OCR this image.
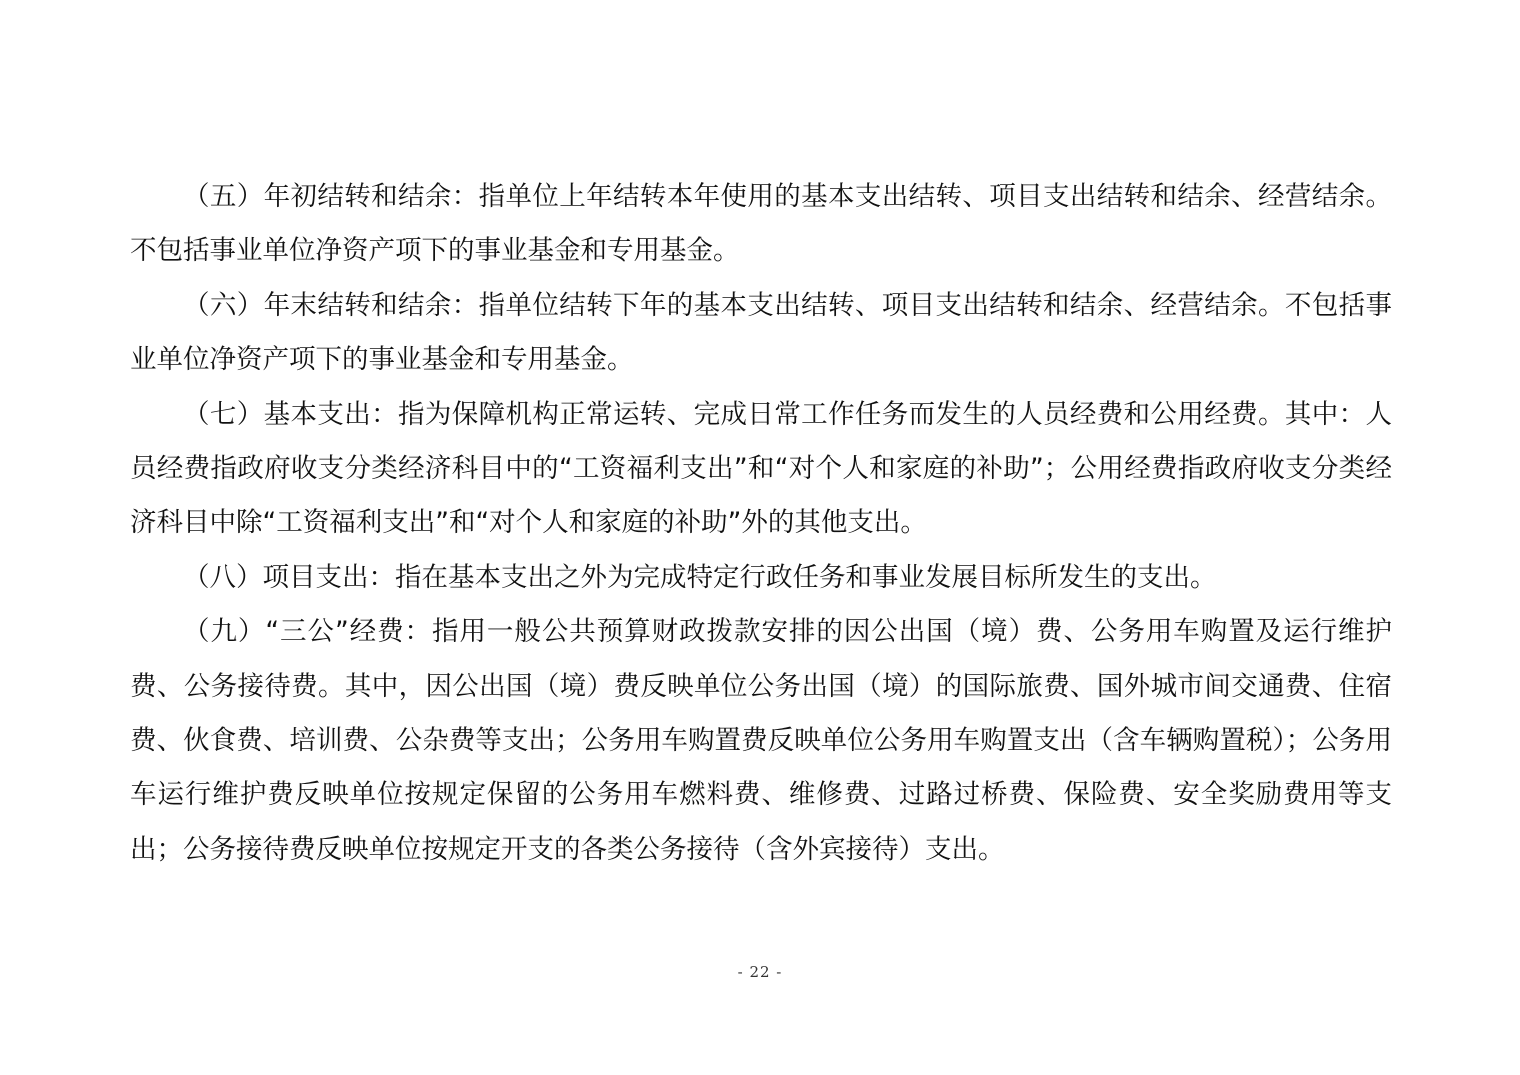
（五）年初结转和结余：指单位上年结转本年使用的基本支出结转、项目支出结转和结余、经营结余。不包括事业单位净资产项下的事业基金和专用基金。

（六）年末结转和结余：指单位结转下年的基本支出结转、项目支出结转和结余、经营结余。不包括事业单位净资产项下的事业基金和专用基金。

（七）基本支出：指为保障机构正常运转、完成日常工作任务而发生的人员经费和公用经费。其中：人员经费指政府收支分类经济科目中的“工资福利支出”和“对个人和家庭的补助”；公用经费指政府收支分类经济科目中除“工资福利支出”和“对个人和家庭的补助”外的其他支出。

（八）项目支出：指在基本支出之外为完成特定行政任务和事业发展目标所发生的支出。

（九）“三公”经费：指用一般公共预算财政拨款安排的因公出国（境）费、公务用车购置及运行维护费、公务接待费。其中，因公出国（境）费反映单位公务出国（境）的国际旅费、国外城市间交通费、住宿费、伙食费、培训费、公杂费等支出；公务用车购置费反映单位公务用车购置支出（含车辆购置税）；公务用车运行维护费反映单位按规定保留的公务用车燃料费、维修费、过路过桥费、保险费、安全奖励费用等支出；公务接待费反映单位按规定开支的各类公务接待（含外宾接待）支出。

- 22 -
